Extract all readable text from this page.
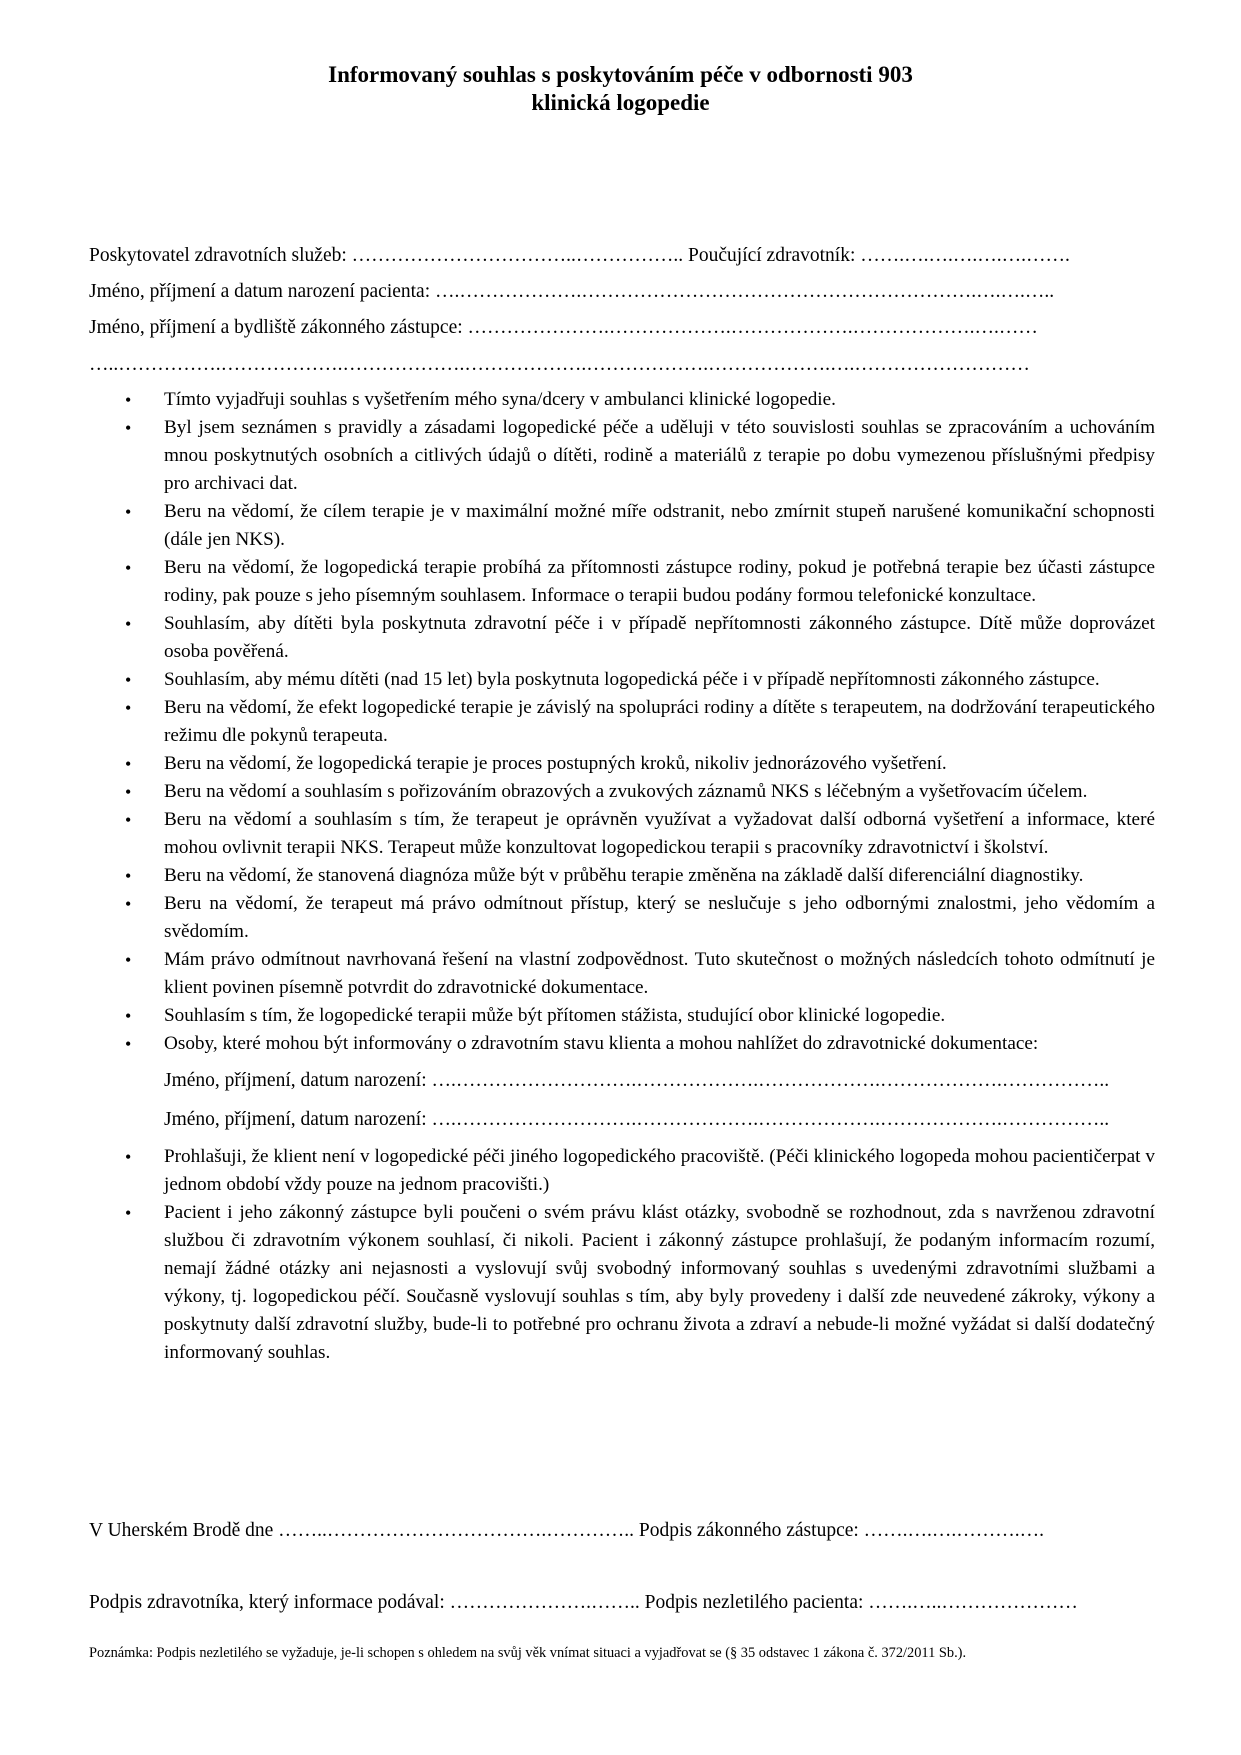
Informovaný souhlas s poskytováním péče v odbornosti 903
klinická logopedie
Poskytovatel zdravotních služeb: ……………………………..…………….. Poučující zdravotník: …….….….….….….…….
Jméno, příjmení a datum narození pacienta: ….……………….…………………………………………………….….….…..
Jméno, příjmení a bydliště zákonného zástupce: ………………….……………….……………….……………….….……
…..…………….……………….……………….……………….……………….……………….….………………………
• Tímto vyjadřuji souhlas s vyšetřením mého syna/dcery v ambulanci klinické logopedie.
• Byl jsem seznámen s pravidly a zásadami logopedické péče a uděluji v této souvislosti souhlas se zpracováním a uchováním mnou poskytnutých osobních a citlivých údajů o dítěti, rodině a materiálů z terapie po dobu vymezenou příslušnými předpisy pro archivaci dat.
• Beru na vědomí, že cílem terapie je v maximální možné míře odstranit, nebo zmírnit stupeň narušené komunikační schopnosti (dále jen NKS).
• Beru na vědomí, že logopedická terapie probíhá za přítomnosti zástupce rodiny, pokud je potřebná terapie bez účasti zástupce rodiny, pak pouze s jeho písemným souhlasem. Informace o terapii budou podány formou telefonické konzultace.
• Souhlasím, aby dítěti byla poskytnuta zdravotní péče i v případě nepřítomnosti zákonného zástupce. Dítě může doprovázet osoba pověřená.
• Souhlasím, aby mému dítěti (nad 15 let) byla poskytnuta logopedická péče i v případě nepřítomnosti zákonného zástupce.
• Beru na vědomí, že efekt logopedické terapie je závislý na spolupráci rodiny a dítěte s terapeutem, na dodržování terapeutického režimu dle pokynů terapeuta.
• Beru na vědomí, že logopedická terapie je proces postupných kroků, nikoliv jednorázového vyšetření.
• Beru na vědomí a souhlasím s pořizováním obrazových a zvukových záznamů NKS s léčebným a vyšetřovacím účelem.
• Beru na vědomí a souhlasím s tím, že terapeut je oprávněn využívat a vyžadovat další odborná vyšetření a informace, které mohou ovlivnit terapii NKS. Terapeut může konzultovat logopedickou terapii s pracovníky zdravotnictví i školství.
• Beru na vědomí, že stanovená diagnóza může být v průběhu terapie změněna na základě další diferenciální diagnostiky.
• Beru na vědomí, že terapeut má právo odmítnout přístup, který se neslučuje s jeho odbornými znalostmi, jeho vědomím a svědomím.
• Mám právo odmítnout navrhovaná řešení na vlastní zodpovědnost. Tuto skutečnost o možných následcích tohoto odmítnutí je klient povinen písemně potvrdit do zdravotnické dokumentace.
• Souhlasím s tím, že logopedické terapii může být přítomen stážista, studující obor klinické logopedie.
• Osoby, které mohou být informovány o zdravotním stavu klienta a mohou nahlížet do zdravotnické dokumentace:
Jméno, příjmení, datum narození: ….……………………….……………….……………….……………….……………..
Jméno, příjmení, datum narození: ….……………………….……………….……………….……………….……………..
• Prohlašuji, že klient není v logopedické péči jiného logopedického pracoviště. (Péči klinického logopeda mohou pacientičerpat v jednom období vždy pouze na jednom pracovišti.)
• Pacient i jeho zákonný zástupce byli poučeni o svém právu klást otázky, svobodně se rozhodnout, zda s navrženou zdravotní službou či zdravotním výkonem souhlasí, či nikoli. Pacient i zákonný zástupce prohlašují, že podaným informacím rozumí, nemají žádné otázky ani nejasnosti a vyslovují svůj svobodný informovaný souhlas s uvedenými zdravotními službami a výkony, tj. logopedickou péčí. Současně vyslovují souhlas s tím, aby byly provedeny i další zde neuvedené zákroky, výkony a poskytnuty další zdravotní služby, bude-li to potřebné pro ochranu života a zdraví a nebude-li možné vyžádat si další dodatečný informovaný souhlas.
V Uherském Brodě dne ……..…………………………….………….. Podpis zákonného zástupce: …….….….……….….
Podpis zdravotníka, který informace podával: ………………….…….. Podpis nezletilého pacienta: …….…..…………………
Poznámka: Podpis nezletilého se vyžaduje, je-li schopen s ohledem na svůj věk vnímat situaci a vyjadřovat se (§ 35 odstavec 1 zákona č. 372/2011 Sb.).
